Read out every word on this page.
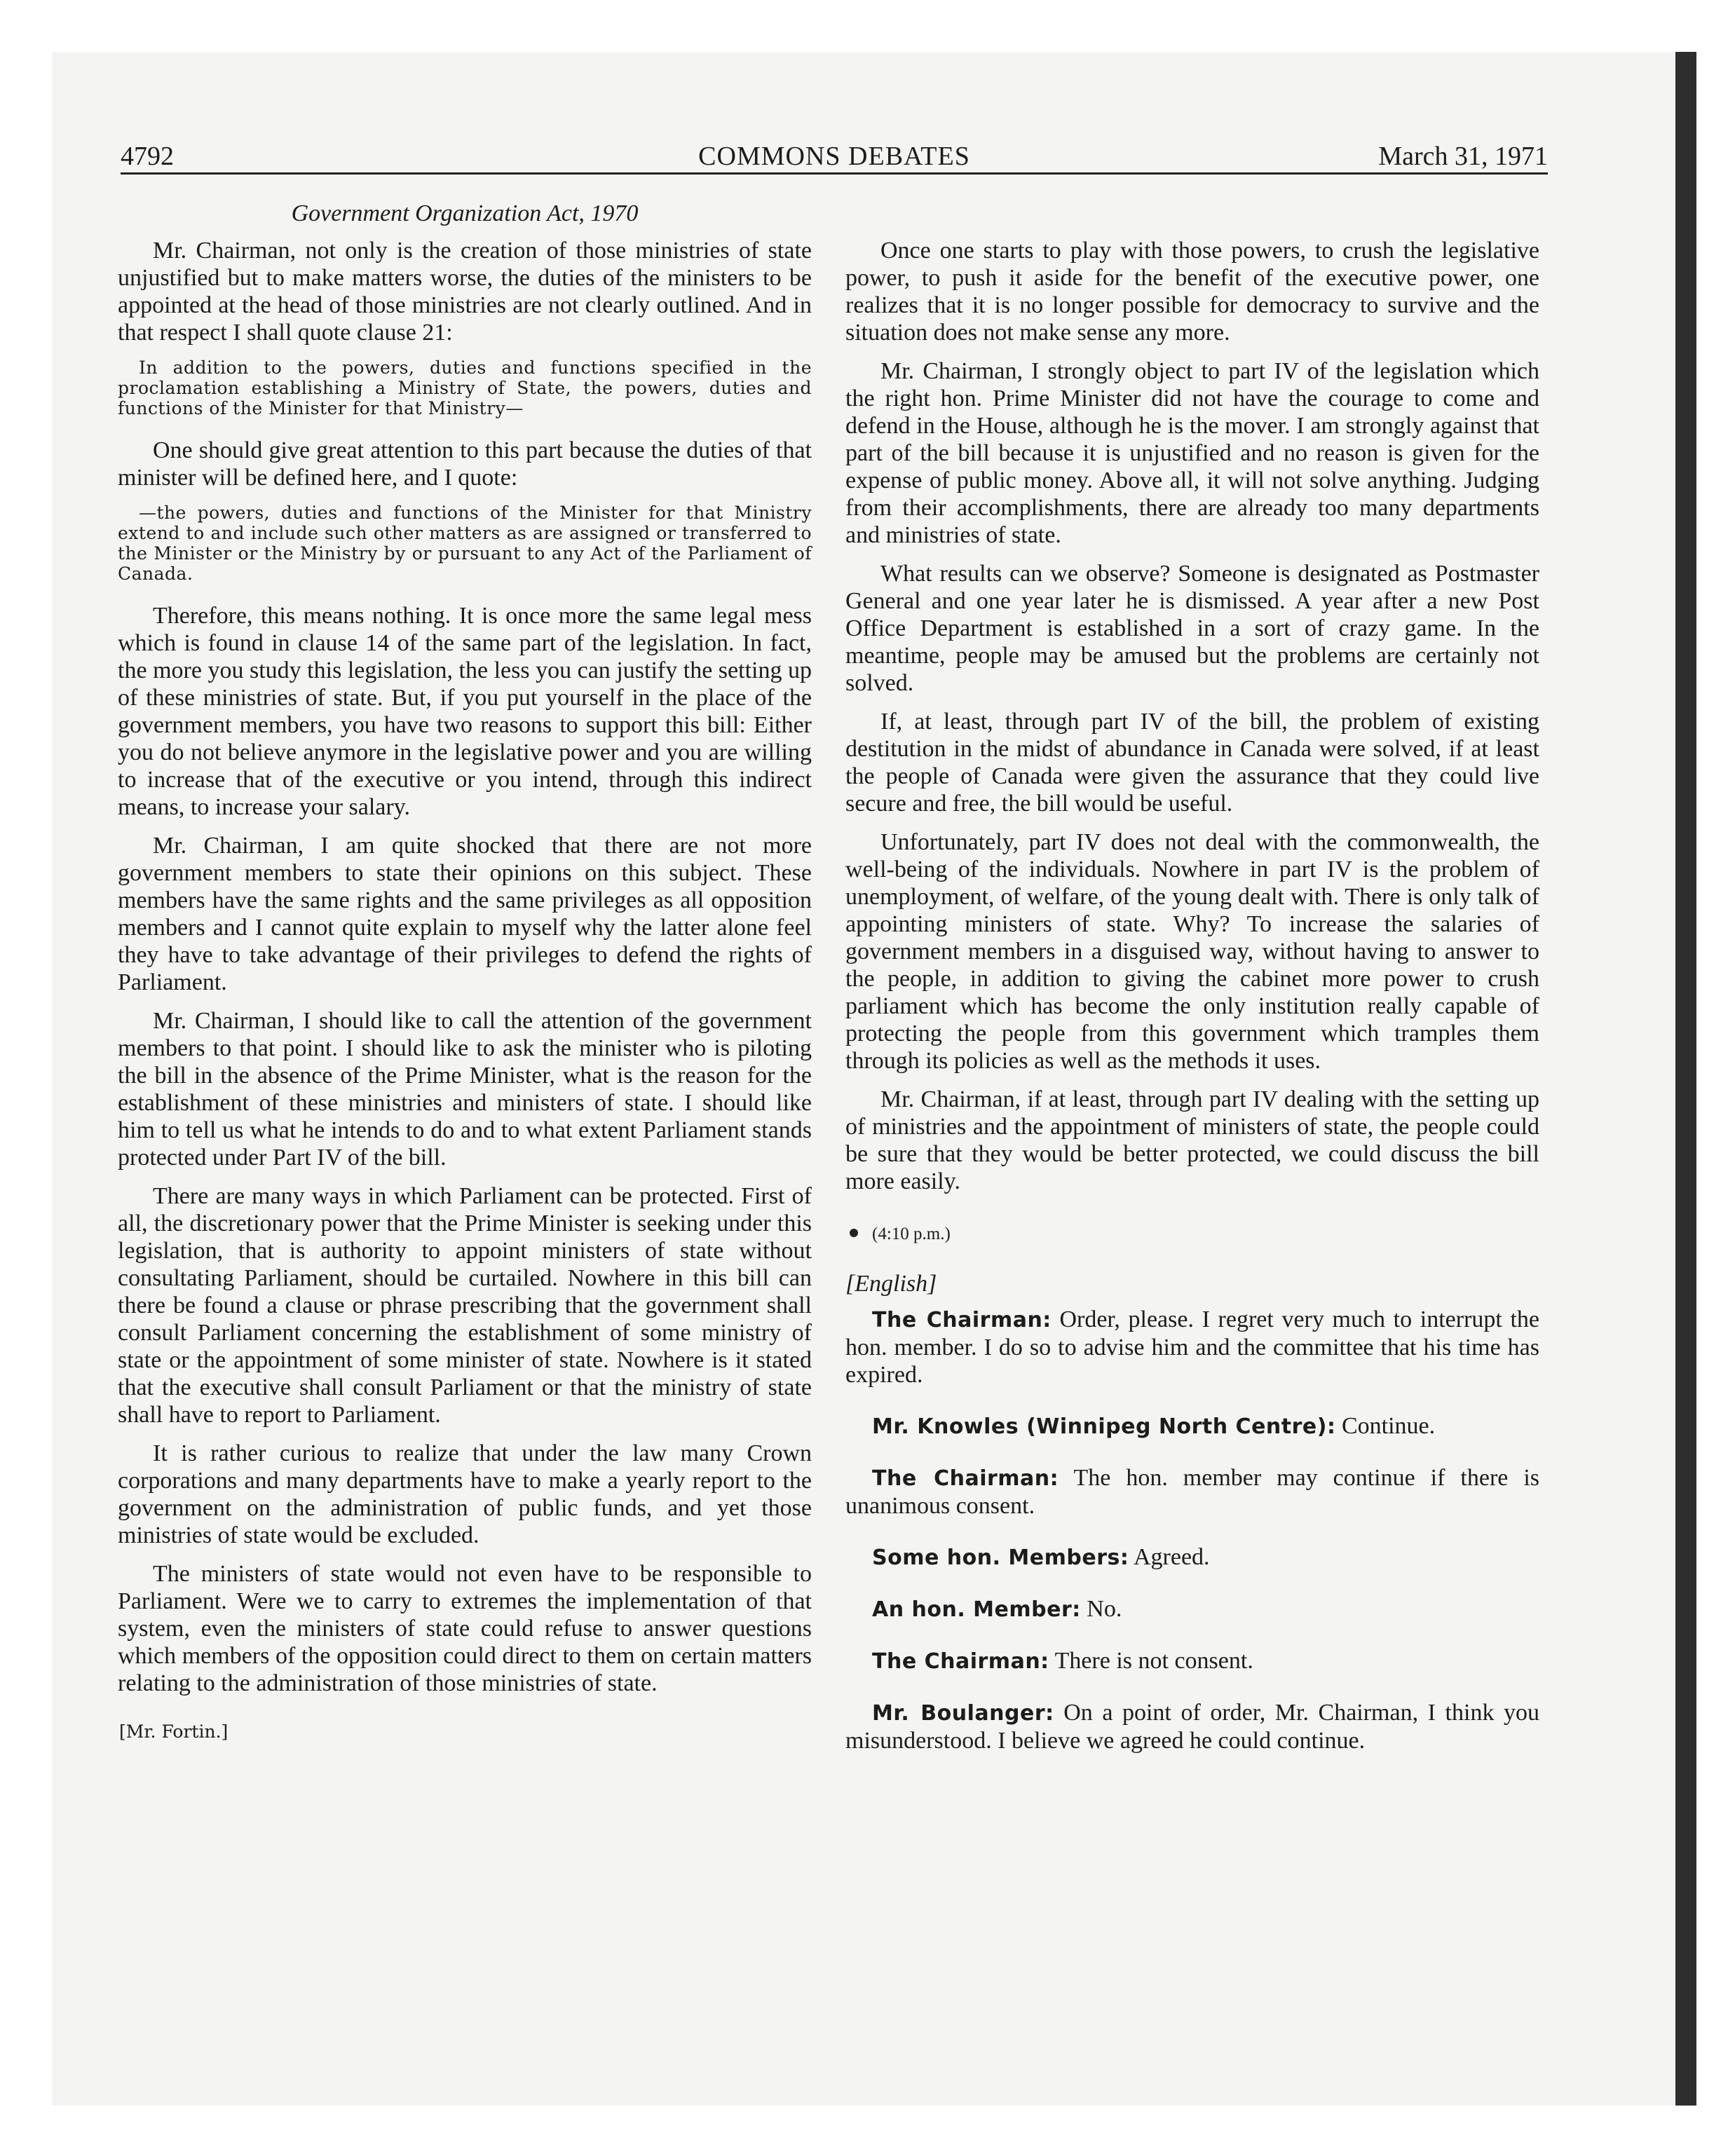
4792	COMMONS DEBATES	March 31, 1971
Government Organization Act, 1970

Mr. Chairman, not only is the creation of those ministries of state unjustified but to make matters worse, the duties of the ministers to be appointed at the head of those ministries are not clearly outlined. And in that respect I shall quote clause 21:

In addition to the powers, duties and functions specified in the proclamation establishing a Ministry of State, the powers, duties and functions of the Minister for that Ministry—

One should give great attention to this part because the duties of that minister will be defined here, and I quote:

—the powers, duties and functions of the Minister for that Ministry extend to and include such other matters as are assigned or transferred to the Minister or the Ministry by or pursuant to any Act of the Parliament of Canada.

Therefore, this means nothing. It is once more the same legal mess which is found in clause 14 of the same part of the legislation. In fact, the more you study this legislation, the less you can justify the setting up of these ministries of state. But, if you put yourself in the place of the government members, you have two reasons to support this bill: Either you do not believe anymore in the legislative power and you are willing to increase that of the executive or you intend, through this indirect means, to increase your salary.

Mr. Chairman, I am quite shocked that there are not more government members to state their opinions on this subject. These members have the same rights and the same privileges as all opposition members and I cannot quite explain to myself why the latter alone feel they have to take advantage of their privileges to defend the rights of Parliament.

Mr. Chairman, I should like to call the attention of the government members to that point. I should like to ask the minister who is piloting the bill in the absence of the Prime Minister, what is the reason for the establishment of these ministries and ministers of state. I should like him to tell us what he intends to do and to what extent Parliament stands protected under Part IV of the bill.

There are many ways in which Parliament can be protected. First of all, the discretionary power that the Prime Minister is seeking under this legislation, that is authority to appoint ministers of state without consultating Parliament, should be curtailed. Nowhere in this bill can there be found a clause or phrase prescribing that the government shall consult Parliament concerning the establishment of some ministry of state or the appointment of some minister of state. Nowhere is it stated that the executive shall consult Parliament or that the ministry of state shall have to report to Parliament.

It is rather curious to realize that under the law many Crown corporations and many departments have to make a yearly report to the government on the administration of public funds, and yet those ministries of state would be excluded.

The ministers of state would not even have to be responsible to Parliament. Were we to carry to extremes the implementation of that system, even the ministers of state could refuse to answer questions which members of the opposition could direct to them on certain matters relating to the administration of those ministries of state.

[Mr. Fortin.]

Once one starts to play with those powers, to crush the legislative power, to push it aside for the benefit of the executive power, one realizes that it is no longer possible for democracy to survive and the situation does not make sense any more.

Mr. Chairman, I strongly object to part IV of the legislation which the right hon. Prime Minister did not have the courage to come and defend in the House, although he is the mover. I am strongly against that part of the bill because it is unjustified and no reason is given for the expense of public money. Above all, it will not solve anything. Judging from their accomplishments, there are already too many departments and ministries of state.

What results can we observe? Someone is designated as Postmaster General and one year later he is dismissed. A year after a new Post Office Department is established in a sort of crazy game. In the meantime, people may be amused but the problems are certainly not solved.

If, at least, through part IV of the bill, the problem of existing destitution in the midst of abundance in Canada were solved, if at least the people of Canada were given the assurance that they could live secure and free, the bill would be useful.

Unfortunately, part IV does not deal with the commonwealth, the well-being of the individuals. Nowhere in part IV is the problem of unemployment, of welfare, of the young dealt with. There is only talk of appointing ministers of state. Why? To increase the salaries of government members in a disguised way, without having to answer to the people, in addition to giving the cabinet more power to crush parliament which has become the only institution really capable of protecting the people from this government which tramples them through its policies as well as the methods it uses.

Mr. Chairman, if at least, through part IV dealing with the setting up of ministries and the appointment of ministers of state, the people could be sure that they would be better protected, we could discuss the bill more easily.

(4:10 p.m.)
[English]

The Chairman: Order, please. I regret very much to interrupt the hon. member. I do so to advise him and the committee that his time has expired.

Mr. Knowles (Winnipeg North Centre): Continue.

The Chairman: The hon. member may continue if there is unanimous consent.

Some hon. Members: Agreed.

An hon. Member: No.

The Chairman: There is not consent.

Mr. Boulanger: On a point of order, Mr. Chairman, I think you misunderstood. I believe we agreed he could continue.
